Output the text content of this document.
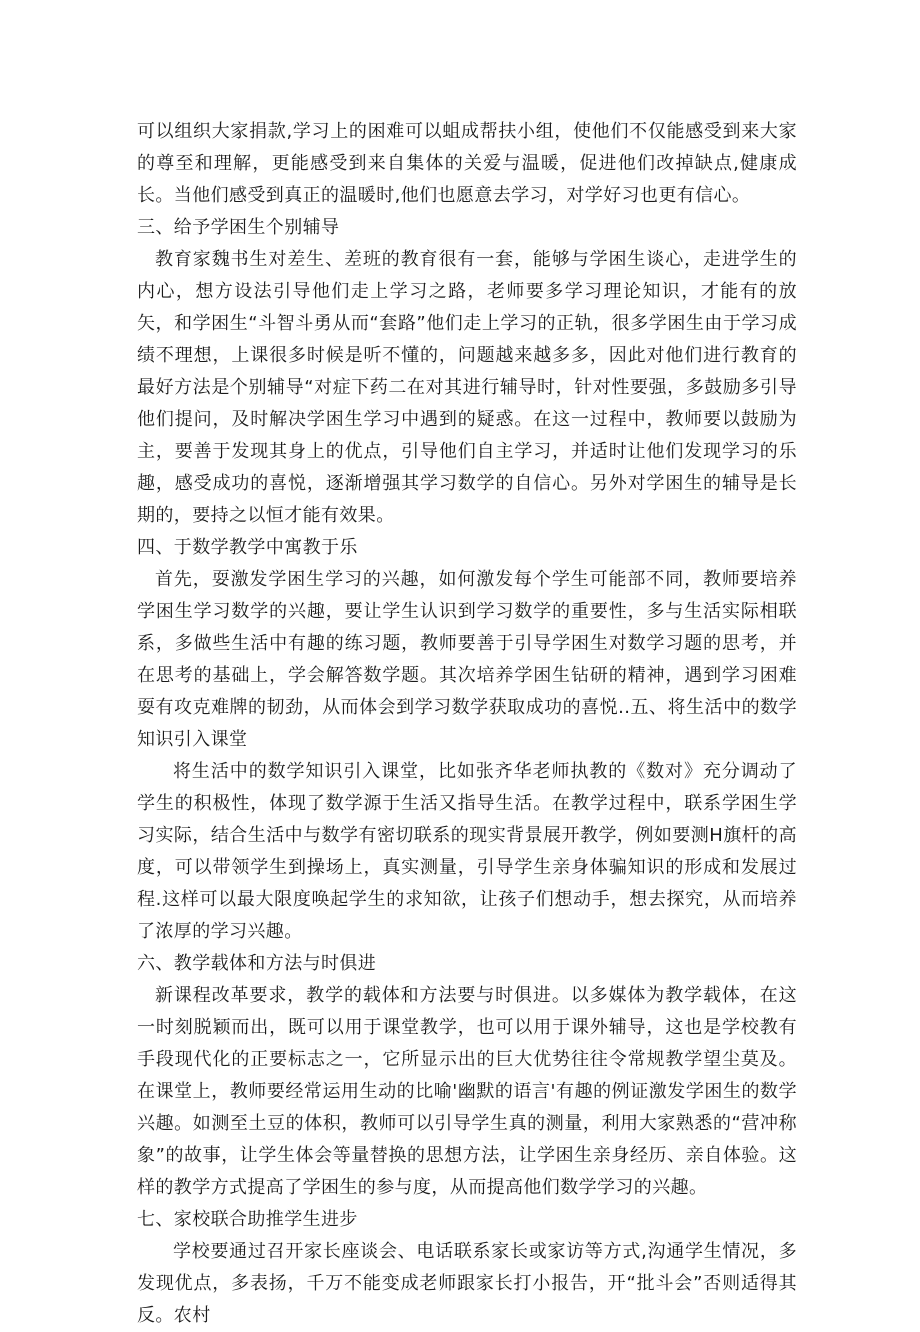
可以组织大家捐款,学习上的困难可以蛆成帮扶小组，使他们不仅能感受到来大家的尊至和理解，更能感受到来自集体的关爱与温暖，促进他们改掉缺点,健康成长。当他们感受到真正的温暖时,他们也愿意去学习，对学好习也更有信心。

三、给予学困生个别辅导

教育家魏书生对差生、差班的教育很有一套，能够与学困生谈心，走进学生的内心，想方设法引导他们走上学习之路，老师要多学习理论知识，才能有的放矢，和学困生“斗智斗勇从而“套路”他们走上学习的正轨，很多学困生由于学习成绩不理想，上课很多时候是听不懂的，问题越来越多多，因此对他们进行教育的最好方法是个别辅导“对症下药二在对其进行辅导时，针对性要强，多鼓励多引导他们提问，及时解决学困生学习中遇到的疑惑。在这一过程中，教师要以鼓励为主，要善于发现其身上的优点，引导他们自主学习，并适时让他们发现学习的乐趣，感受成功的喜悦，逐渐增强其学习数学的自信心。另外对学困生的辅导是长期的，要持之以恒才能有效果。

四、于数学教学中寓教于乐

首先，耍激发学困生学习的兴趣，如何激发每个学生可能部不同，教师要培养学困生学习数学的兴趣，要让学生认识到学习数学的重要性，多与生活实际相联系，多做些生活中有趣的练习题，教师要善于引导学困生对数学习题的思考，并在思考的基础上，学会解答数学题。其次培养学困生钻研的精神，遇到学习困难耍有攻克难牌的韧劲，从而体会到学习数学获取成功的喜悦..五、将生活中的数学知识引入课堂

将生活中的数学知识引入课堂，比如张齐华老师执教的《数对》充分调动了学生的积极性，体现了数学源于生活又指导生活。在教学过程中，联系学困生学习实际，结合生活中与数学有密切联系的现实背景展开教学，例如要测H旗杆的高度，可以带领学生到操场上，真实测量，引导学生亲身体骗知识的形成和发展过程.这样可以最大限度唤起学生的求知欲，让孩子们想动手，想去探究，从而培养了浓厚的学习兴趣。

六、教学载体和方法与时俱进

新课程改革要求，教学的载体和方法要与时俱进。以多媒体为教学载体，在这一时刻脱颖而出，既可以用于课堂教学，也可以用于课外辅导，这也是学校教有手段现代化的正要标志之一，它所显示出的巨大优势往往令常规教学望尘莫及。在课堂上，教师要经常运用生动的比喻'幽默的语言'有趣的例证激发学困生的数学兴趣。如测至土豆的体积，教师可以引导学生真的测量，利用大家熟悉的“营冲称象”的故事，让学生体会等量替换的思想方法，让学困生亲身经历、亲自体验。这样的教学方式提高了学困生的参与度，从而提高他们数学学习的兴趣。

七、家校联合助推学生进步

学校要通过召开家长座谈会、电话联系家长或家访等方式,沟通学生情况，多发现优点，多表扬，千万不能变成老师跟家长打小报告，开“批斗会”否则适得其反。农村
